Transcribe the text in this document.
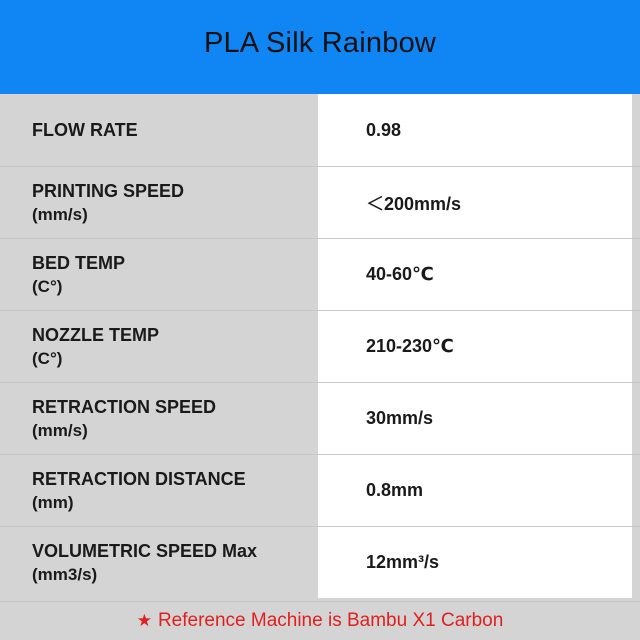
PLA Silk Rainbow
FLOW RATE	0.98
PRINTING SPEED
(mm/s)
＜200mm/s
BED TEMP
(C°)
40-60℃
NOZZLE TEMP
(C°)
210-230℃
RETRACTION SPEED
(mm/s)
30mm/s
RETRACTION DISTANCE
(mm)
0.8mm
VOLUMETRIC SPEED Max
(mm3/s)
12mm³/s
★ Reference Machine is Bambu X1 Carbon
